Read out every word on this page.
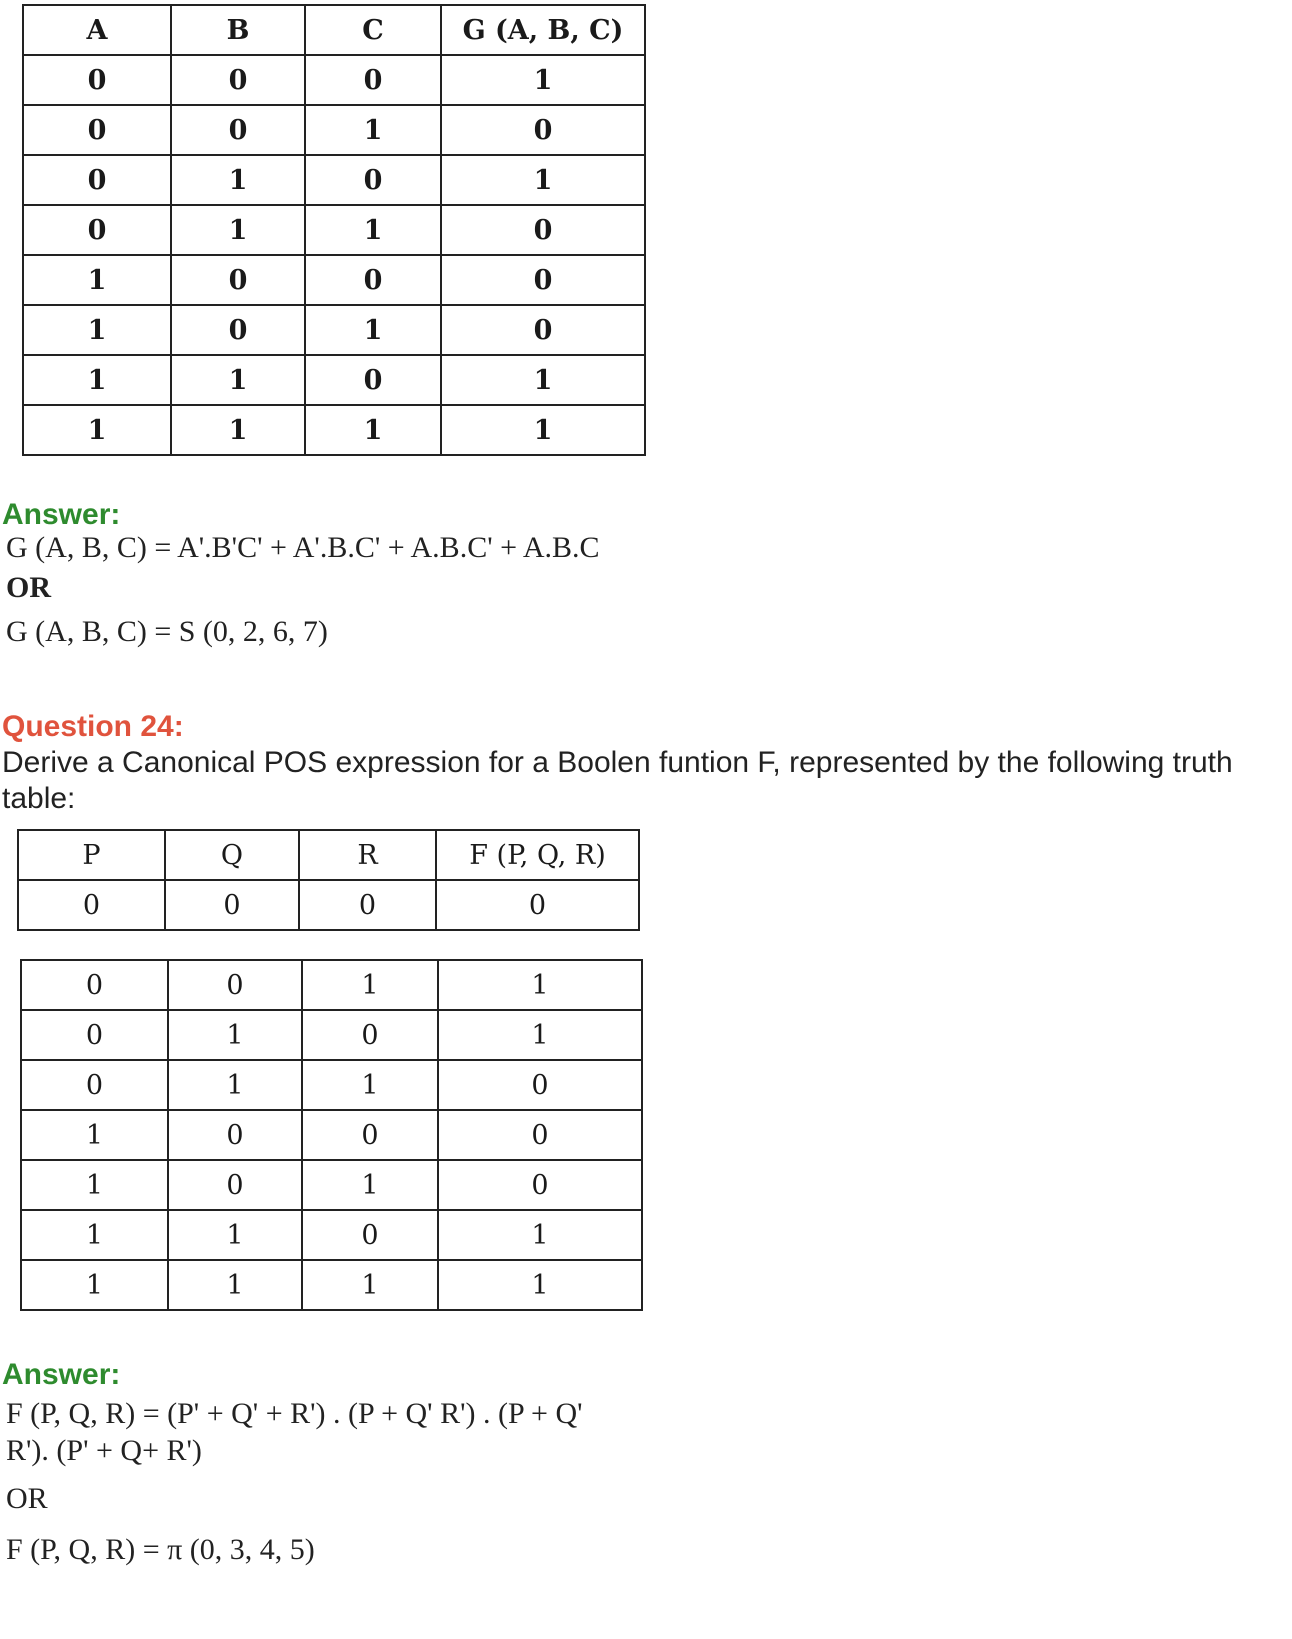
A	B	C	G (A, B, C)
0	0	0	1
0	0	1	0
0	1	0	1
0	1	1	0
1	0	0	0
1	0	1	0
1	1	0	1
1	1	1	1

Answer:

G (A, B, C) = A'.B'C' + A'.B.C' + A.B.C' + A.B.C

OR

G (A, B, C) = S (0, 2, 6, 7)

Question 24:

Derive a Canonical POS expression for a Boolen funtion F, represented by the following truth table:

P	Q	R	F (P, Q, R)
0	0	0	0
0	0	1	1
0	1	0	1
0	1	1	0
1	0	0	0
1	0	1	0
1	1	0	1
1	1	1	1

Answer:

F (P, Q, R) = (P' + Q' + R') . (P + Q' R') . (P + Q'

R'). (P' + Q+ R')

OR

F (P, Q, R) = π (0, 3, 4, 5)
